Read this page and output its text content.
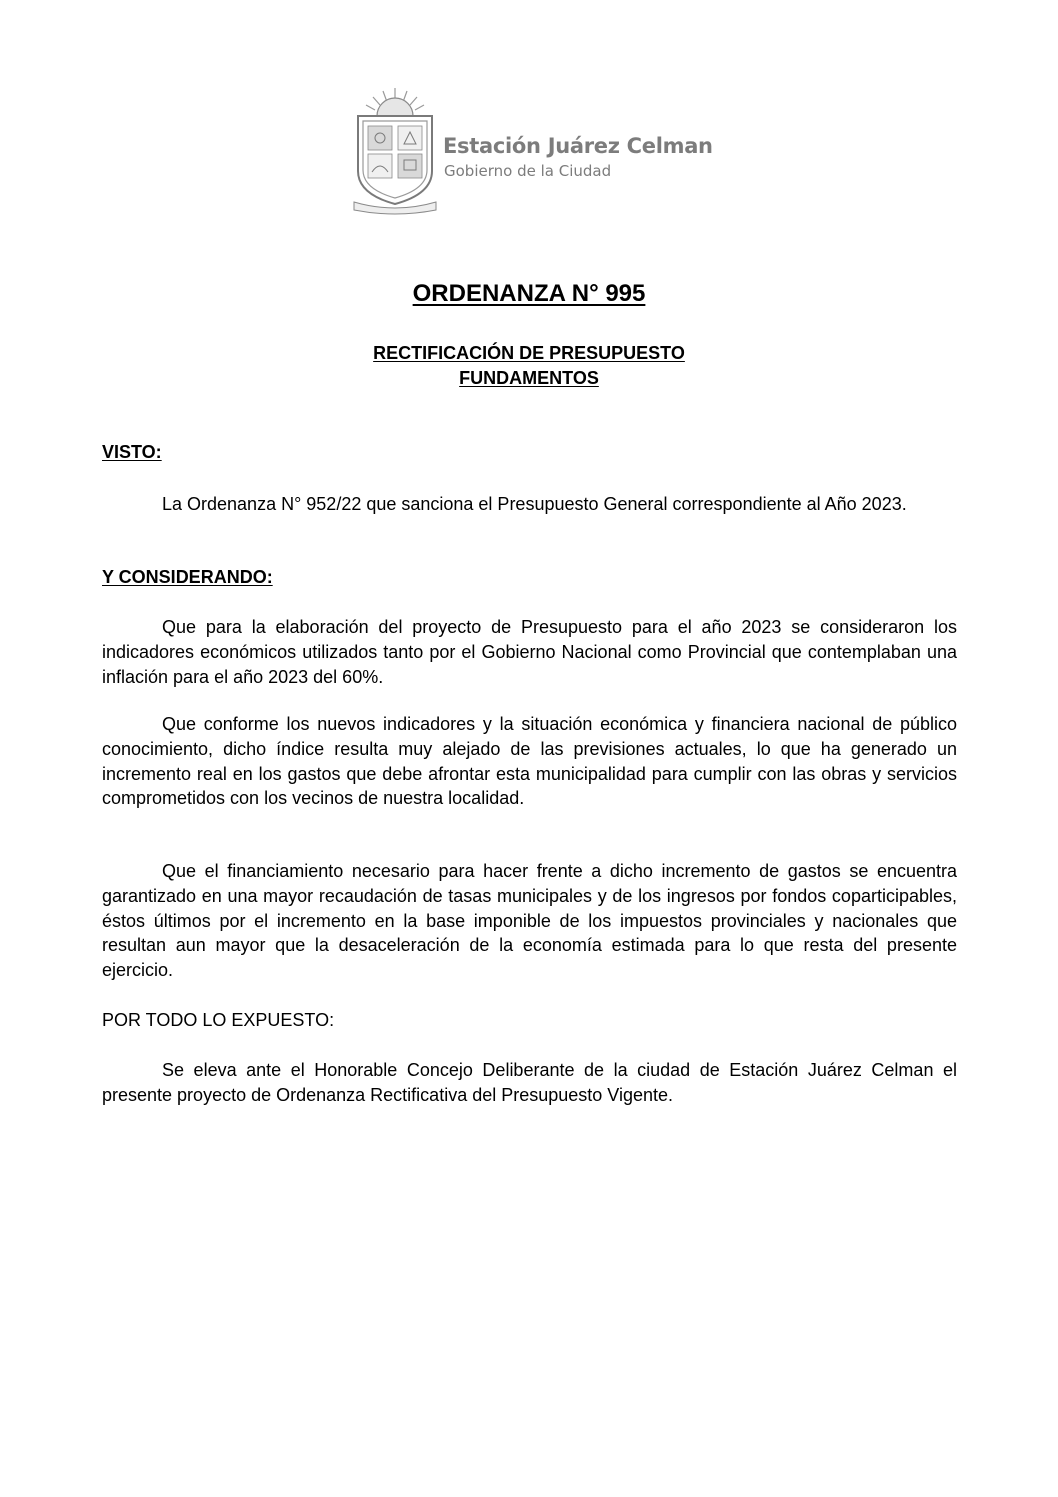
Estación Juárez Celman
Gobierno de la Ciudad
ORDENANZA N° 995
RECTIFICACIÓN DE PRESUPUESTO
FUNDAMENTOS
VISTO:

La Ordenanza N° 952/22 que sanciona el Presupuesto General correspondiente al Año 2023.

Y CONSIDERANDO:

Que para la elaboración del proyecto de Presupuesto para el año 2023 se consideraron los indicadores económicos utilizados tanto por el Gobierno Nacional como Provincial que contemplaban una inflación para el año 2023 del 60%.

Que conforme los nuevos indicadores y la situación económica y financiera nacional de público conocimiento, dicho índice resulta muy alejado de las previsiones actuales, lo que ha generado un incremento real en los gastos que debe afrontar esta municipalidad para cumplir con las obras y servicios comprometidos con los vecinos de nuestra localidad.

Que el financiamiento necesario para hacer frente a dicho incremento de gastos se encuentra garantizado en una mayor recaudación de tasas municipales y de los ingresos por fondos coparticipables, éstos últimos por el incremento en la base imponible de los impuestos provinciales y nacionales que resultan aun mayor que la desaceleración de la economía estimada para lo que resta del presente ejercicio.

POR TODO LO EXPUESTO:

Se eleva ante el Honorable Concejo Deliberante de la ciudad de Estación Juárez Celman el presente proyecto de Ordenanza Rectificativa del Presupuesto Vigente.
